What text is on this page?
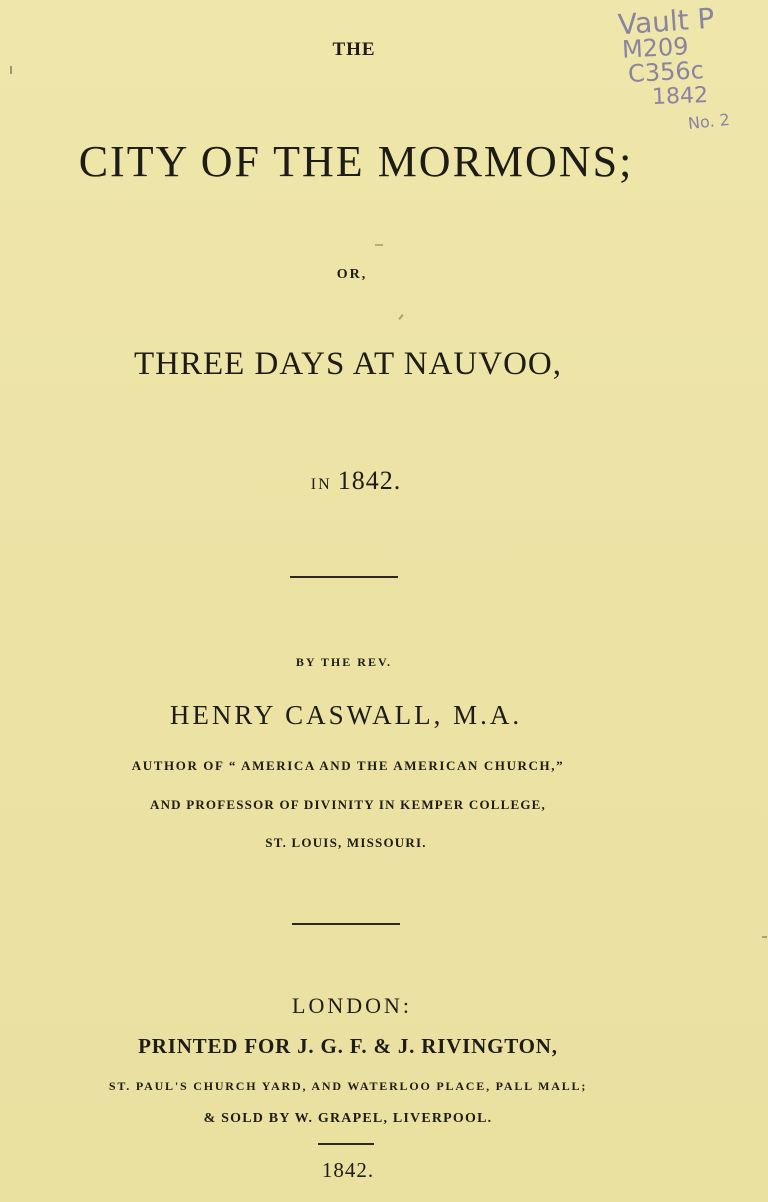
Vault P
M209
C356c
1842
No. 2
THE
CITY OF THE MORMONS;
OR,
THREE DAYS AT NAUVOO,
IN 1842.
BY THE REV.
HENRY CASWALL, M.A.
AUTHOR OF “ AMERICA AND THE AMERICAN CHURCH,”
AND PROFESSOR OF DIVINITY IN KEMPER COLLEGE,
ST. LOUIS, MISSOURI.
LONDON:
PRINTED FOR J. G. F. & J. RIVINGTON,
ST. PAUL'S CHURCH YARD, AND WATERLOO PLACE, PALL MALL;
& SOLD BY W. GRAPEL, LIVERPOOL.
1842.
